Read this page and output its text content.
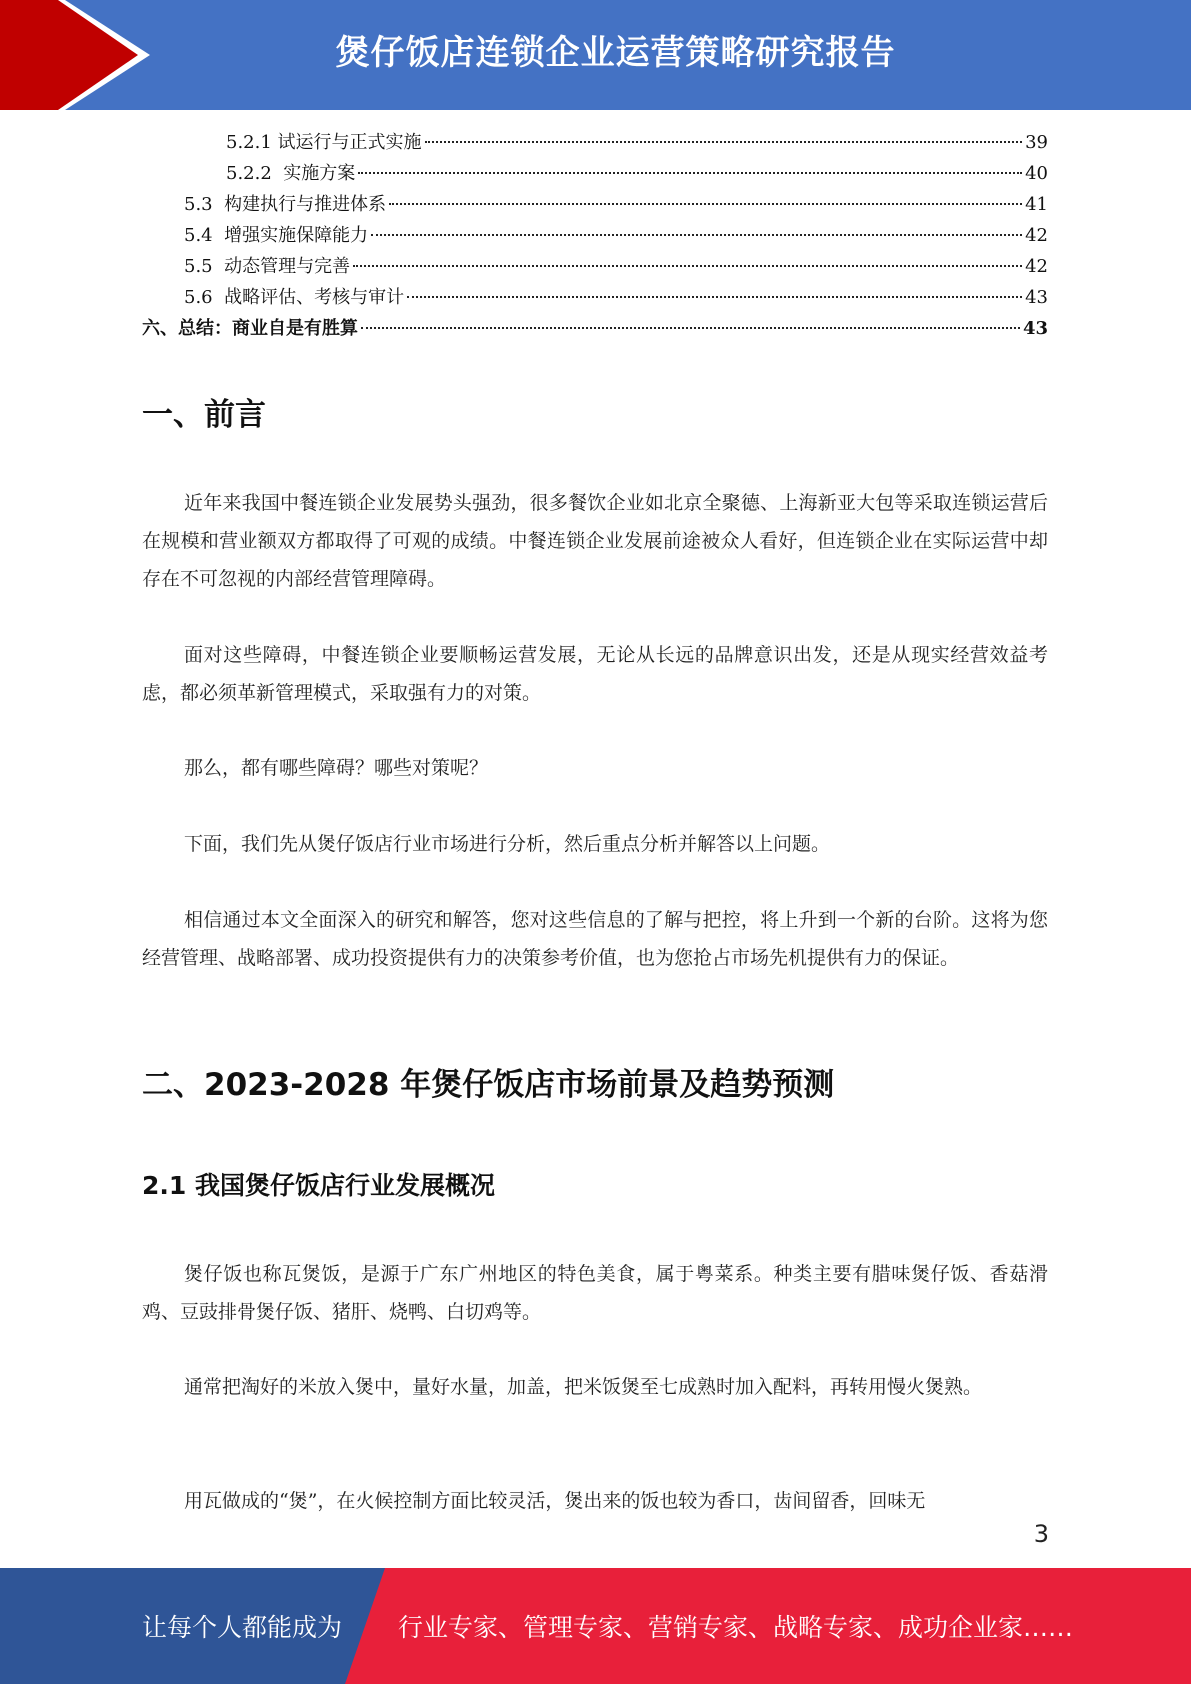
煲仔饭店连锁企业运营策略研究报告
5.2.1 试运行与正式实施	39
5.2.2  实施方案	40
5.3  构建执行与推进体系	41
5.4  增强实施保障能力	42
5.5  动态管理与完善	42
5.6  战略评估、考核与审计	43
六、总结：商业自是有胜算	43
一、前言
近年来我国中餐连锁企业发展势头强劲，很多餐饮企业如北京全聚德、上海新亚大包等采取连锁运营后在规模和营业额双方都取得了可观的成绩。中餐连锁企业发展前途被众人看好，但连锁企业在实际运营中却存在不可忽视的内部经营管理障碍。
面对这些障碍，中餐连锁企业要顺畅运营发展，无论从长远的品牌意识出发，还是从现实经营效益考虑，都必须革新管理模式，采取强有力的对策。
那么，都有哪些障碍？哪些对策呢？
下面，我们先从煲仔饭店行业市场进行分析，然后重点分析并解答以上问题。
相信通过本文全面深入的研究和解答，您对这些信息的了解与把控，将上升到一个新的台阶。这将为您经营管理、战略部署、成功投资提供有力的决策参考价值，也为您抢占市场先机提供有力的保证。
二、2023-2028 年煲仔饭店市场前景及趋势预测
2.1 我国煲仔饭店行业发展概况
煲仔饭也称瓦煲饭，是源于广东广州地区的特色美食，属于粤菜系。种类主要有腊味煲仔饭、香菇滑鸡、豆豉排骨煲仔饭、猪肝、烧鸭、白切鸡等。
通常把淘好的米放入煲中，量好水量，加盖，把米饭煲至七成熟时加入配料，再转用慢火煲熟。
用瓦做成的“煲”，在火候控制方面比较灵活，煲出来的饭也较为香口，齿间留香，回味无
3
让每个人都能成为 行业专家、管理专家、营销专家、战略专家、成功企业家……
